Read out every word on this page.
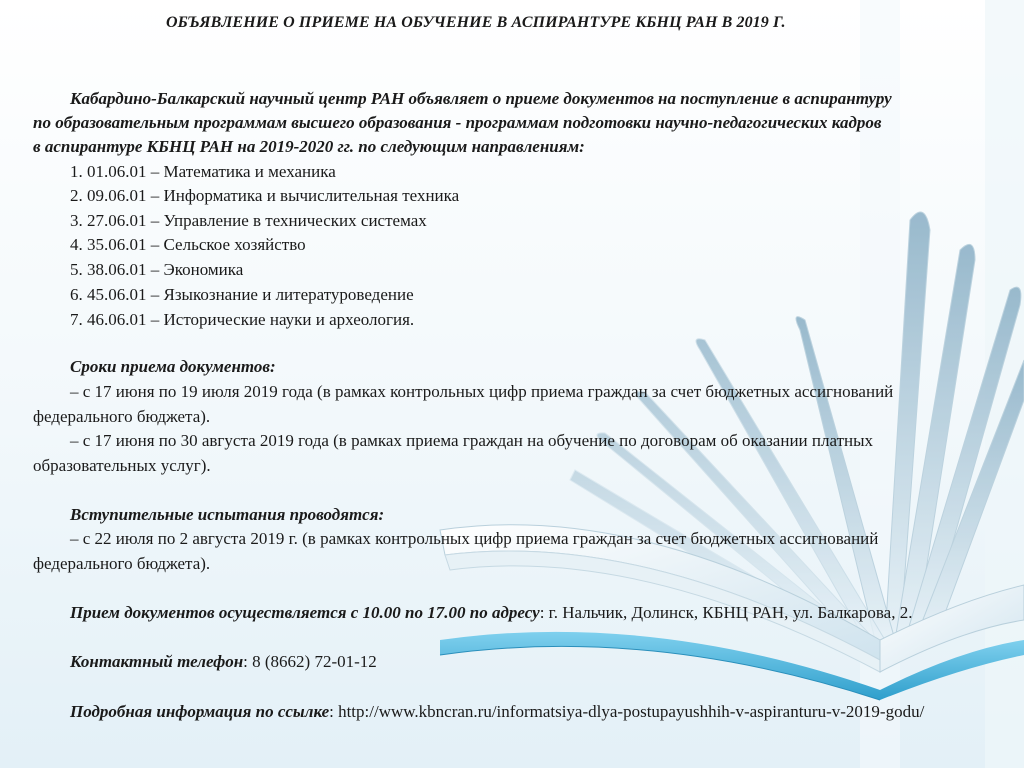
ОБЪЯВЛЕНИЕ О ПРИЕМЕ НА ОБУЧЕНИЕ В АСПИРАНТУРЕ КБНЦ РАН В 2019 Г.
Кабардино-Балкарский научный центр РАН объявляет о приеме документов на поступление в аспирантуру
по образовательным программам высшего образования - программам подготовки научно-педагогических кадров
в аспирантуре КБНЦ РАН на 2019-2020 гг. по следующим направлениям:
1. 01.06.01 – Математика и механика
2. 09.06.01 – Информатика и вычислительная техника
3. 27.06.01 – Управление в технических системах
4. 35.06.01 – Сельское хозяйство
5. 38.06.01 – Экономика
6. 45.06.01 – Языкознание и литературоведение
7. 46.06.01 – Исторические науки и археология.
Сроки приема документов:
– с 17 июня по 19 июля 2019 года (в рамках контрольных цифр приема граждан за счет бюджетных ассигнований
федерального бюджета).
– с 17 июня по 30 августа 2019 года (в рамках приема граждан на обучение по договорам об оказании платных
образовательных услуг).
Вступительные испытания проводятся:
– с 22 июля по 2 августа 2019 г. (в рамках контрольных цифр приема граждан за счет бюджетных ассигнований
федерального бюджета).
Прием документов осуществляется с 10.00 по 17.00 по адресу: г. Нальчик, Долинск, КБНЦ РАН, ул. Балкарова, 2.
Контактный телефон: 8 (8662) 72-01-12
Подробная информация по ссылке: http://www.kbncran.ru/informatsiya-dlya-postupayushhih-v-aspiranturu-v-2019-godu/
